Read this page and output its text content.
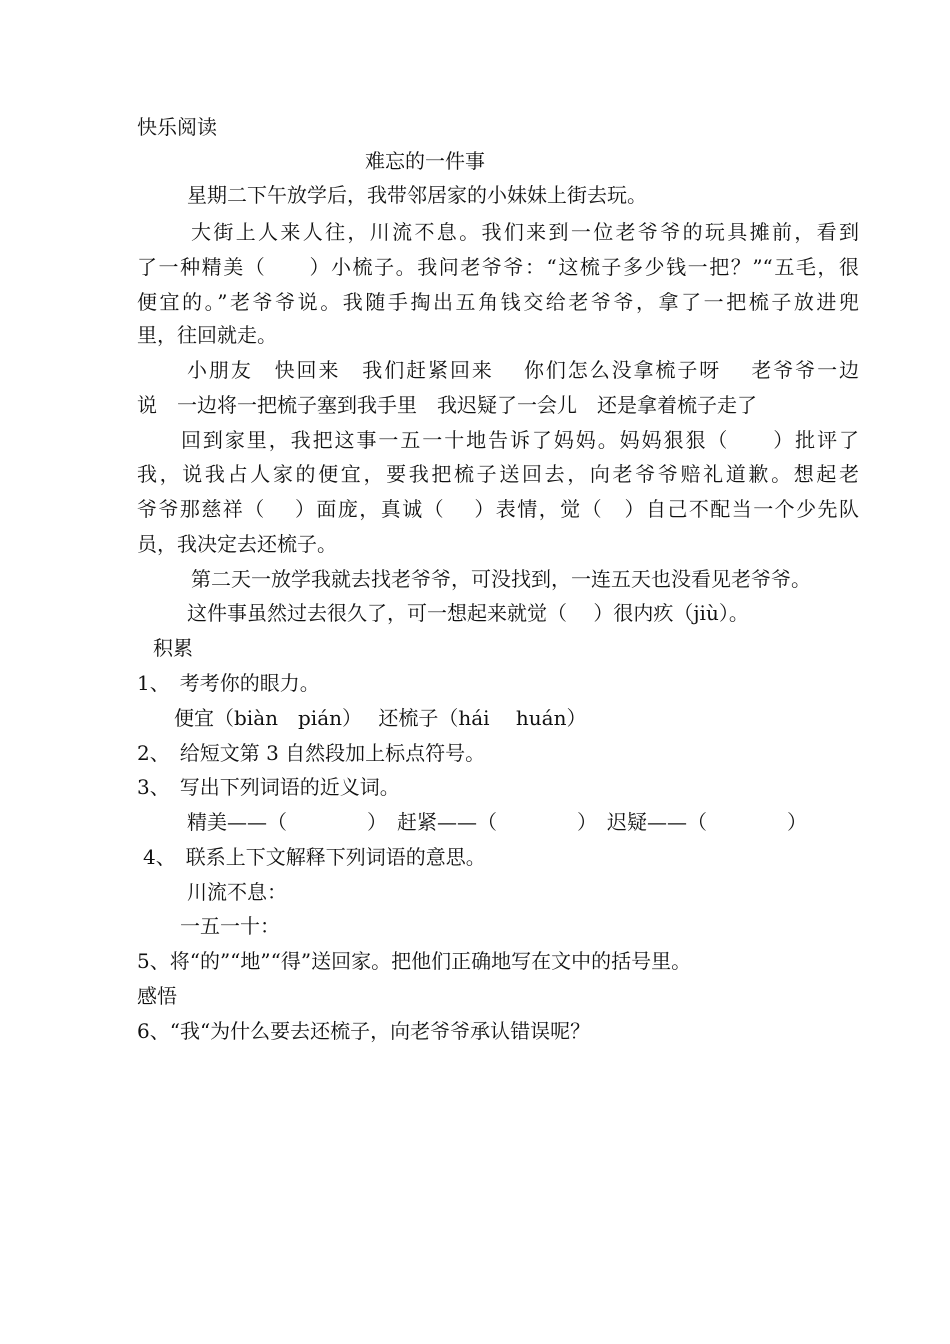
快乐阅读
难忘的一件事
星期二下午放学后，我带邻居家的小妹妹上街去玩。
大街上人来人往，川流不息。我们来到一位老爷爷的玩具摊前，看到
了一种精美（　　）小梳子。我问老爷爷：“这梳子多少钱一把？”“五毛，很
便宜的。”老爷爷说。我随手掏出五角钱交给老爷爷，拿了一把梳子放进兜
里，往回就走。
小朋友　快回来　我们赶紧回来　 你们怎么没拿梳子呀 　老爷爷一边
说　一边将一把梳子塞到我手里　我迟疑了一会儿　还是拿着梳子走了
回到家里，我把这事一五一十地告诉了妈妈。妈妈狠狠（　　）批评了
我，说我占人家的便宜，要我把梳子送回去，向老爷爷赔礼道歉。想起老
爷爷那慈祥（　 ）面庞，真诚（　 ）表情，觉（　）自己不配当一个少先队
员，我决定去还梳子。
第二天一放学我就去找老爷爷，可没找到，一连五天也没看见老爷爷。
这件事虽然过去很久了，可一想起来就觉（　 ）很内疚（jiù）。
积累
1、　考考你的眼力。
便宜（biàn　pián）　 还梳子（hái　 huán）
2、　给短文第 3 自然段加上标点符号。
3、　写出下列词语的近义词。
精美——（　　　　）　赶紧——（　　　　）　迟疑——（　　　　）
4、　联系上下文解释下列词语的意思。
川流不息：
一五一十：
5、将“的”“地”“得”送回家。把他们正确地写在文中的括号里。
感悟
6、“我“为什么要去还梳子，向老爷爷承认错误呢？
